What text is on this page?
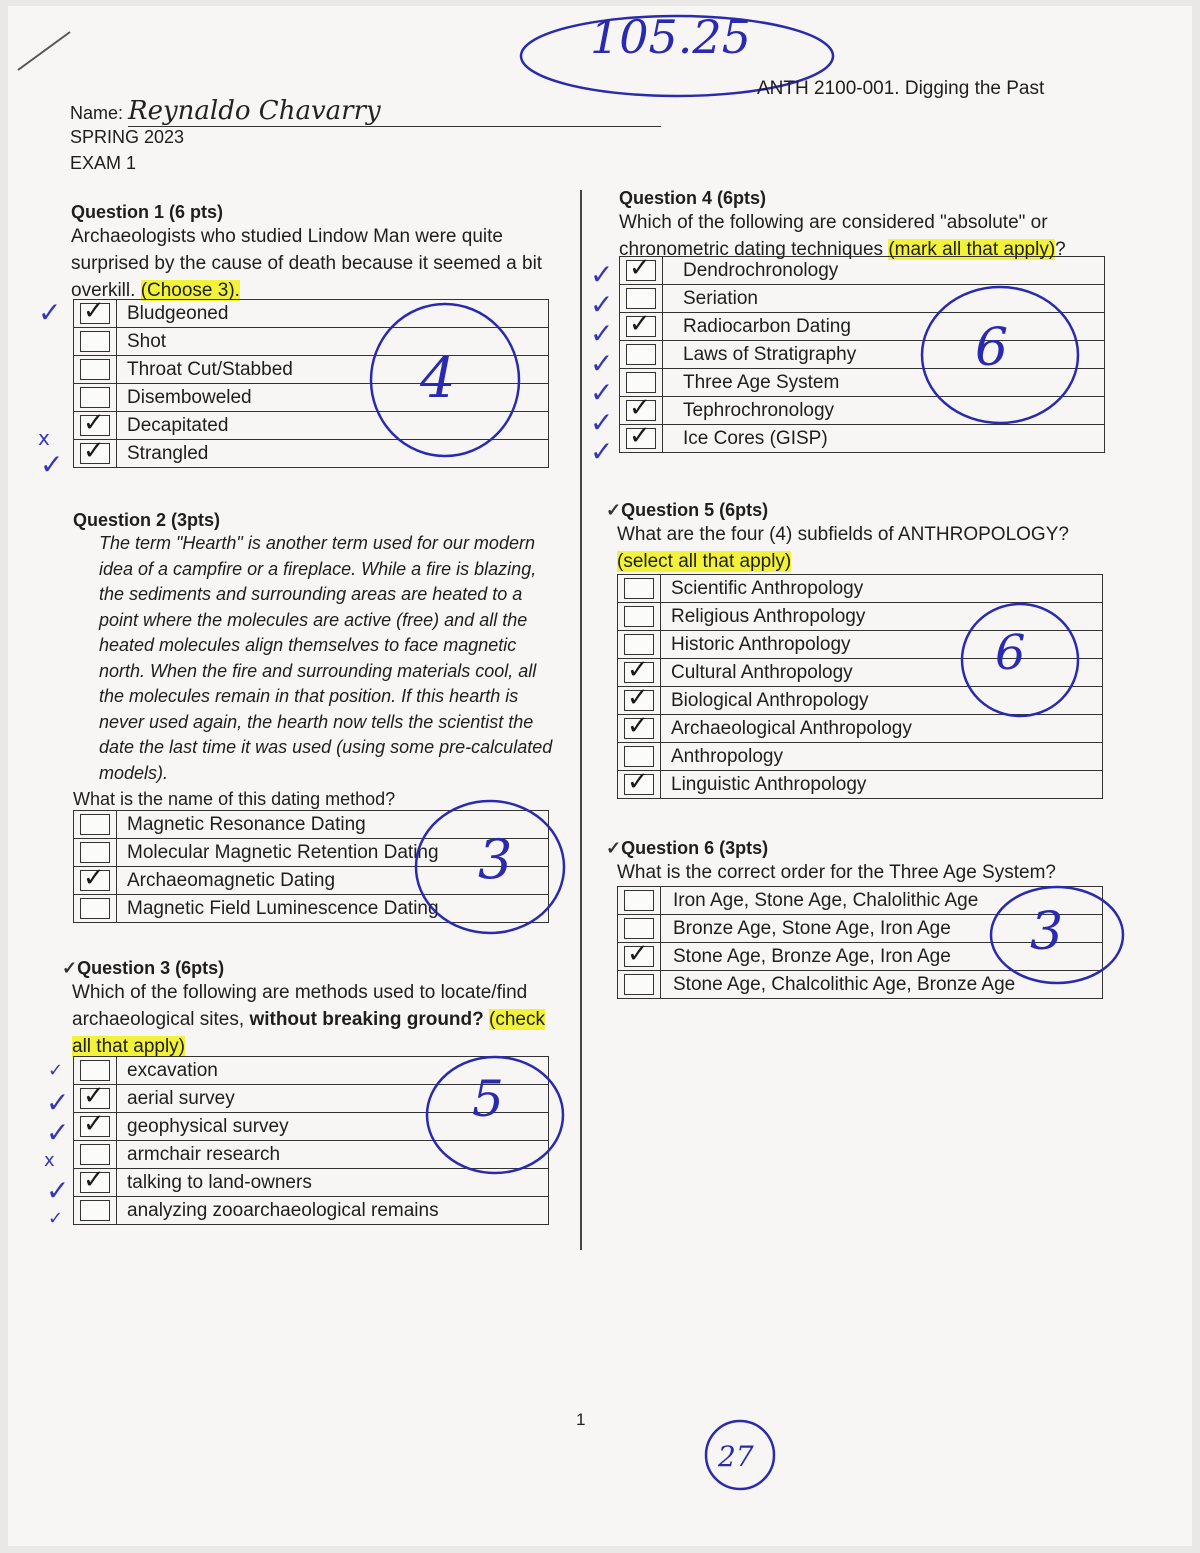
105.25
Name: Reynaldo Chavarry
SPRING 2023
EXAM 1
ANTH 2100-001. Digging the Past
Question 1 (6 pts)
Archaeologists who studied Lindow Man were quite surprised by the cause of death because it seemed a bit overkill. (Choose 3).
✓	Bludgeoned
	Shot
	Throat Cut/Stabbed
	Disemboweled

✓	Decapitated

✓	Strangled
4
✓
x
✓
Question 2 (3pts)
The term "Hearth" is another term used for our modern idea of a campfire or a fireplace. While a fire is blazing, the sediments and surrounding areas are heated to a point where the molecules are active (free) and all the heated molecules align themselves to face magnetic north. When the fire and surrounding materials cool, all the molecules remain in that position. If this hearth is never used again, the hearth now tells the scientist the date the last time it was used (using some pre-calculated models).
What is the name of this dating method?
	Magnetic Resonance Dating
	Molecular Magnetic Retention Dating

✓	Archaeomagnetic Dating
	Magnetic Field Luminescence Dating
3
✓Question 3 (6pts)
Which of the following are methods used to locate/find archaeological sites, without breaking ground? (check
all that apply)
	excavation

✓	aerial survey

✓	geophysical survey
	armchair research

✓	talking to land-owners
	analyzing zooarchaeological remains
5
✓
✓
✓
x
✓
✓
Question 4 (6pts)
Which of the following are considered "absolute" or chronometric dating techniques (mark all that apply)?
✓	Dendrochronology
	Seriation

✓	Radiocarbon Dating
	Laws of Stratigraphy
	Three Age System

✓	Tephrochronology

✓	Ice Cores (GISP)
6
✓
✓
✓
✓
✓
✓
✓
✓Question 5 (6pts)
What are the four (4) subfields of ANTHROPOLOGY?
(select all that apply)
	Scientific Anthropology
	Religious Anthropology
	Historic Anthropology

✓	Cultural Anthropology

✓	Biological Anthropology

✓	Archaeological Anthropology
	Anthropology

✓	Linguistic Anthropology
6
✓Question 6 (3pts)
What is the correct order for the Three Age System?
	Iron Age, Stone Age, Chalolithic Age
	Bronze Age, Stone Age, Iron Age

✓	Stone Age, Bronze Age, Iron Age
	Stone Age, Chalcolithic Age, Bronze Age
3
1
27
